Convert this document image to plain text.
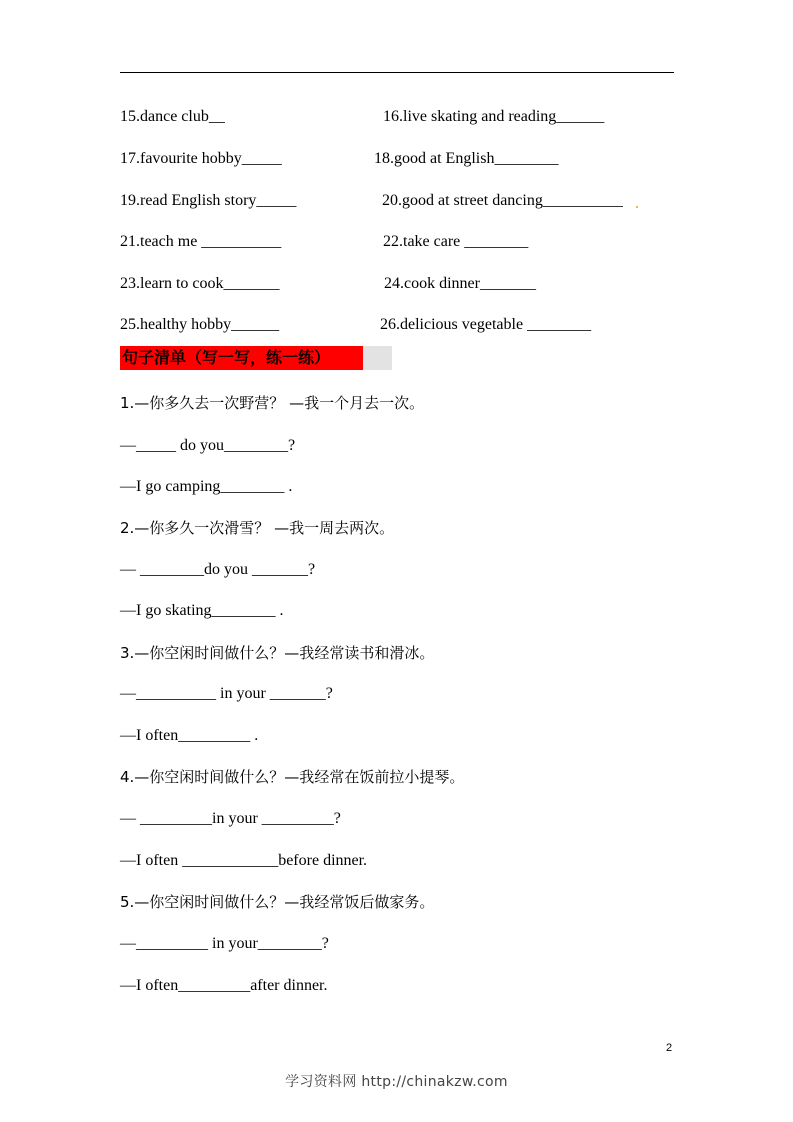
15.dance club__	16.live skating and reading______
17.favourite hobby_____	18.good at English________
19.read English story_____	20.good at street dancing__________
21.teach me __________	22.take care ________
23.learn to cook_______	24.cook dinner_______
25.healthy hobby______	26.delicious vegetable ________
句子清单（写一写，练一练）
1.—你多久去一次野营？ —我一个月去一次。
—_____ do you________?
—I go camping________ .
2.—你多久一次滑雪？ —我一周去两次。
— ________do you _______?
—I go skating________ .
3.—你空闲时间做什么？—我经常读书和滑冰。
—__________ in your _______?
—I often_________ .
4.—你空闲时间做什么？—我经常在饭前拉小提琴。
— _________in your _________?
—I often ____________before dinner.
5.—你空闲时间做什么？—我经常饭后做家务。
—_________ in your________?
—I often_________after dinner.
2
学习资料网 http://chinakzw.com
